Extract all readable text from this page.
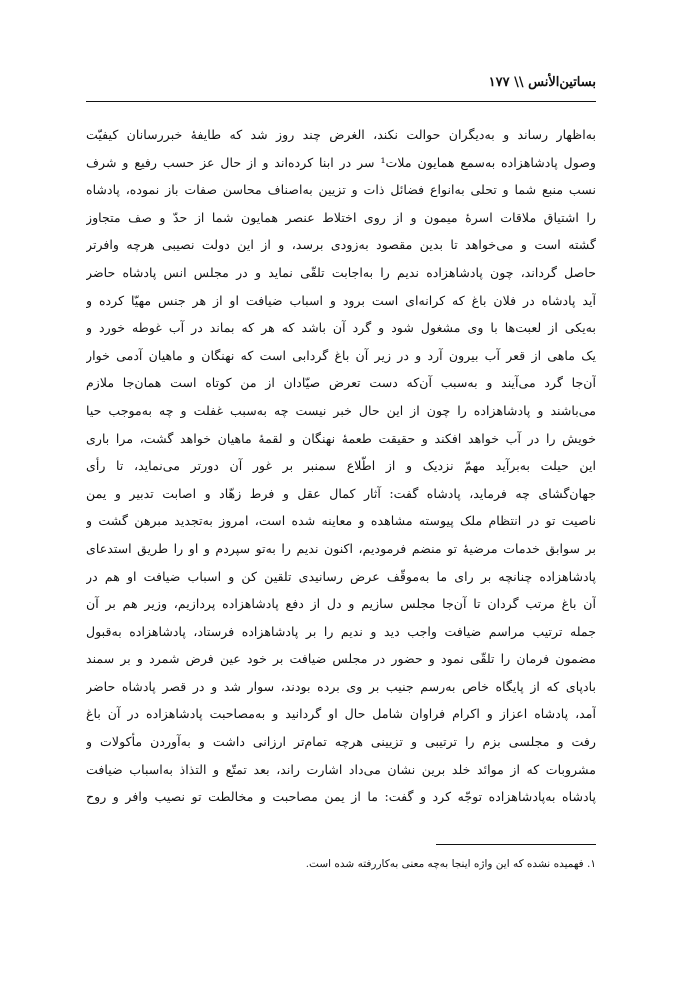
بساتین‌الأنس \\ ۱۷۷
به‌اظهار رساند و به‌دیگران حوالت نکند، الغرض چند روز شد که طایفهٔ خبررسانان کیفیّت
وصول پادشاهزاده به‌سمع همایون ملات¹ سر در ابنا کرده‌اند و از حال عز حسب رفیع و شرف
نسب منبع شما و تحلی به‌انواع فضائل ذات و تزیین به‌اصناف محاسن صفات باز نموده، پادشاه
را اشتیاق ملاقات اسرهٔ میمون و از روی اختلاط عنصر همایون شما از حدّ و صف متجاوز
گشته است و می‌خواهد تا بدین مقصود به‌زودی برسد، و از این دولت نصیبی هرچه وافرتر
حاصل گرداند، چون پادشاهزاده ندیم را به‌اجابت تلقّی نماید و در مجلس انس پادشاه حاضر
آید پادشاه در فلان باغ که کرانه‌ای است برود و اسباب ضیافت او از هر جنس مهیّا کرده و
به‌یکی از لعبت‌ها با وی مشغول شود و گرد آن باشد که هر که بماند در آب غوطه خورد و
یک ماهی از قعر آب بیرون آرد و در زیر آن باغ گردابی است که نهنگان و ماهیان آدمی خوار
آن‌جا گرد می‌آیند و به‌سبب آن‌که دست تعرض صیّادان از من کوتاه است همان‌جا ملازم
می‌باشند و پادشاهزاده را چون از این حال خبر نیست چه به‌سبب غفلت و چه به‌موجب حیا
خویش را در آب خواهد افکند و حقیقت طعمهٔ نهنگان و لقمهٔ ماهیان خواهد گشت، مرا باری
این حیلت به‌برآید مهمّ نزدیک و از اطّلاع سمنبر بر غور آن دورتر می‌نماید، تا رأی
جهان‌گشای چه فرماید، پادشاه گفت: آثار کمال عقل و فرط زهّاد و اصابت تدبیر و یمن
ناصیت تو در انتظام ملک پیوسته مشاهده و معاینه شده است، امروز به‌تجدید مبرهن گشت و
بر سوابق خدمات مرضیهٔ تو منضم فرمودیم، اکنون ندیم را به‌تو سپردم و او را طریق استدعای
پادشاهزاده چنانچه بر رای ما به‌موقّف عرض رسانیدی تلقین کن و اسباب ضیافت او هم در
آن باغ مرتب گردان تا آن‌جا مجلس سازیم و دل از دفع پادشاهزاده پردازیم، وزیر هم بر آن
جمله ترتیب مراسم ضیافت واجب دید و ندیم را بر پادشاهزاده فرستاد، پادشاهزاده به‌قبول
مضمون فرمان را تلقّی نمود و حضور در مجلس ضیافت بر خود عین فرض شمرد و بر سمند
بادپای که از پایگاه خاص به‌رسم جنیب بر وی برده بودند، سوار شد و در قصر پادشاه حاضر
آمد، پادشاه اعزاز و اکرام فراوان شامل حال او گردانید و به‌مصاحبت پادشاهزاده در آن باغ
رفت و مجلسی بزم را ترتیبی و تزیینی هرچه تمام‌تر ارزانی داشت و به‌آوردن مأکولات و
مشروبات که از موائد خلد برین نشان می‌داد اشارت راند، بعد تمتّع و التذاذ به‌اسباب ضیافت
پادشاه به‌پادشاهزاده توجّه کرد و گفت: ما از یمن مصاحبت و مخالطت تو نصیب وافر و روح
۱. فهمیده نشده که این واژه اینجا به‌چه معنی به‌کاررفته شده است.
